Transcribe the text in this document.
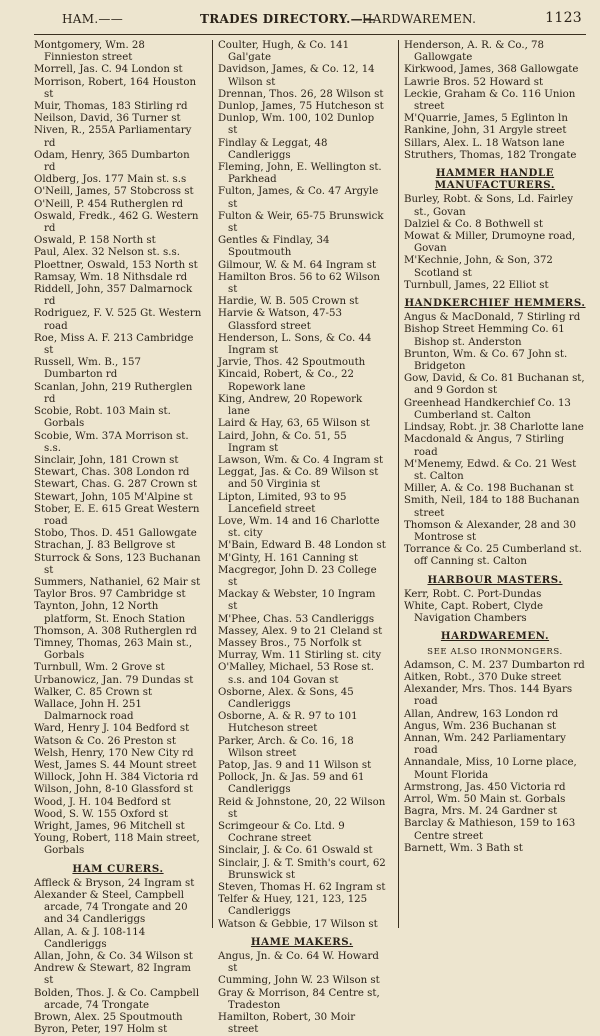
HAM.——	TRADES DIRECTORY.——
HARDWAREMEN.	1123
Montgomery, Wm. 28 Finnieston street
Morrell, Jas. C. 94 London st
Morrison, Robert, 164 Houston st
Muir, Thomas, 183 Stirling rd
Neilson, David, 36 Turner st
Niven, R., 255A Parliamentary rd
Odam, Henry, 365 Dumbarton rd
Oldberg, Jos. 177 Main st. s.s
O'Neill, James, 57 Stobcross st
O'Neill, P. 454 Rutherglen rd
Oswald, Fredk., 462 G. Western rd
Oswald, P. 158 North st
Paul, Alex. 32 Nelson st. s.s.
Ploettner, Oswald, 153 North st
Ramsay, Wm. 18 Nithsdale rd
Riddell, John, 357 Dalmarnock rd
Rodriguez, F. V. 525 Gt. Western road
Roe, Miss A. F. 213 Cambridge st
Russell, Wm. B., 157 Dumbarton rd
Scanlan, John, 219 Rutherglen rd
Scobie, Robt. 103 Main st. Gorbals
Scobie, Wm. 37A Morrison st. s.s.
Sinclair, John, 181 Crown st
Stewart, Chas. 308 London rd
Stewart, Chas. G. 287 Crown st
Stewart, John, 105 M'Alpine st
Stober, E. E. 615 Great Western road
Stobo, Thos. D. 451 Gallowgate
Strachan, J. 83 Bellgrove st
Sturrock & Sons, 123 Buchanan st
Summers, Nathaniel, 62 Mair st
Taylor Bros. 97 Cambridge st
Taynton, John, 12 North platform, St. Enoch Station
Thomson, A. 308 Rutherglen rd
Timney, Thomas, 263 Main st., Gorbals
Turnbull, Wm. 2 Grove st
Urbanowicz, Jan. 79 Dundas st
Walker, C. 85 Crown st
Wallace, John H. 251 Dalmarnock road
Ward, Henry J. 104 Bedford st
Watson & Co. 26 Preston st
Welsh, Henry, 170 New City rd
West, James S. 44 Mount street
Willock, John H. 384 Victoria rd
Wilson, John, 8-10 Glassford st
Wood, J. H. 104 Bedford st
Wood, S. W. 155 Oxford st
Wright, James, 96 Mitchell st
Young, Robert, 118 Main street, Gorbals
HAM CURERS.
Affleck & Bryson, 24 Ingram st
Alexander & Steel, Campbell arcade, 74 Trongate and 20 and 34 Candleriggs
Allan, A. & J. 108-114 Candleriggs
Allan, John, & Co. 34 Wilson st
Andrew & Stewart, 82 Ingram st
Bolden, Thos. J. & Co. Campbell arcade, 74 Trongate
Brown, Alex. 25 Spoutmouth
Byron, Peter, 197 Holm st
Coulter, Hugh, & Co. 141 Gal'gate
Davidson, James, & Co. 12, 14 Wilson st
Drennan, Thos. 26, 28 Wilson st
Dunlop, James, 75 Hutcheson st
Dunlop, Wm. 100, 102 Dunlop st
Findlay & Leggat, 48 Candleriggs
Fleming, John, E. Wellington st. Parkhead
Fulton, James, & Co. 47 Argyle st
Fulton & Weir, 65-75 Brunswick st
Gentles & Findlay, 34 Spoutmouth
Gilmour, W. & M. 64 Ingram st
Hamilton Bros. 56 to 62 Wilson st
Hardie, W. B. 505 Crown st
Harvie & Watson, 47-53 Glassford street
Henderson, L. Sons, & Co. 44 Ingram st
Jarvie, Thos. 42 Spoutmouth
Kincaid, Robert, & Co., 22 Ropework lane
King, Andrew, 20 Ropework lane
Laird & Hay, 63, 65 Wilson st
Laird, John, & Co. 51, 55 Ingram st
Lawson, Wm. & Co. 4 Ingram st
Leggat, Jas. & Co. 89 Wilson st and 50 Virginia st
Lipton, Limited, 93 to 95 Lancefield street
Love, Wm. 14 and 16 Charlotte st. city
M'Bain, Edward B. 48 London st
M'Ginty, H. 161 Canning st
Macgregor, John D. 23 College st
Mackay & Webster, 10 Ingram st
M'Phee, Chas. 53 Candleriggs
Massey, Alex. 9 to 21 Cleland st
Massey Bros., 75 Norfolk st
Murray, Wm. 11 Stirling st. city
O'Malley, Michael, 53 Rose st. s.s. and 104 Govan st
Osborne, Alex. & Sons, 45 Candleriggs
Osborne, A. & R. 97 to 101 Hutcheson street
Parker, Arch. & Co. 16, 18 Wilson street
Patop, Jas. 9 and 11 Wilson st
Pollock, Jn. & Jas. 59 and 61 Candleriggs
Reid & Johnstone, 20, 22 Wilson st
Scrimgeour & Co. Ltd. 9 Cochrane street
Sinclair, J. & Co. 61 Oswald st
Sinclair, J. & T. Smith's court, 62 Brunswick st
Steven, Thomas H. 62 Ingram st
Telfer & Huey, 121, 123, 125 Candleriggs
Watson & Gebbie, 17 Wilson st
HAME MAKERS.
Angus, Jn. & Co. 64 W. Howard st
Cumming, John W. 23 Wilson st
Gray & Morrison, 84 Centre st, Tradeston
Hamilton, Robert, 30 Moir street
Henderson, A. R. & Co., 78 Gallowgate
Kirkwood, James, 368 Gallowgate
Lawrie Bros. 52 Howard st
Leckie, Graham & Co. 116 Union street
M'Quarrie, James, 5 Eglinton ln
Rankine, John, 31 Argyle street
Sillars, Alex. L. 18 Watson lane
Struthers, Thomas, 182 Trongate
HAMMER HANDLE MANUFACTURERS.
Burley, Robt. & Sons, Ld. Fairley st., Govan
Dalziel & Co. 8 Bothwell st
Mowat & Miller, Drumoyne road, Govan
M'Kechnie, John, & Son, 372 Scotland st
Turnbull, James, 22 Elliot st
HANDKERCHIEF HEMMERS.
Angus & MacDonald, 7 Stirling rd
Bishop Street Hemming Co. 61 Bishop st. Anderston
Brunton, Wm. & Co. 67 John st. Bridgeton
Gow, David, & Co. 81 Buchanan st, and 9 Gordon st
Greenhead Handkerchief Co. 13 Cumberland st. Calton
Lindsay, Robt. jr. 38 Charlotte lane
Macdonald & Angus, 7 Stirling road
M'Menemy, Edwd. & Co. 21 West st. Calton
Miller, A. & Co. 198 Buchanan st
Smith, Neil, 184 to 188 Buchanan street
Thomson & Alexander, 28 and 30 Montrose st
Torrance & Co. 25 Cumberland st. off Canning st. Calton
HARBOUR MASTERS.
Kerr, Robt. C. Port-Dundas
White, Capt. Robert, Clyde Navigation Chambers
HARDWAREMEN.
SEE ALSO IRONMONGERS.
Adamson, C. M. 237 Dumbarton rd
Aitken, Robt., 370 Duke street
Alexander, Mrs. Thos. 144 Byars road
Allan, Andrew, 163 London rd
Angus, Wm. 236 Buchanan st
Annan, Wm. 242 Parliamentary road
Annandale, Miss, 10 Lorne place, Mount Florida
Armstrong, Jas. 450 Victoria rd
Arrol, Wm. 50 Main st. Gorbals
Bagra, Mrs. M. 24 Gardner st
Barclay & Mathieson, 159 to 163 Centre street
Barnett, Wm. 3 Bath st
